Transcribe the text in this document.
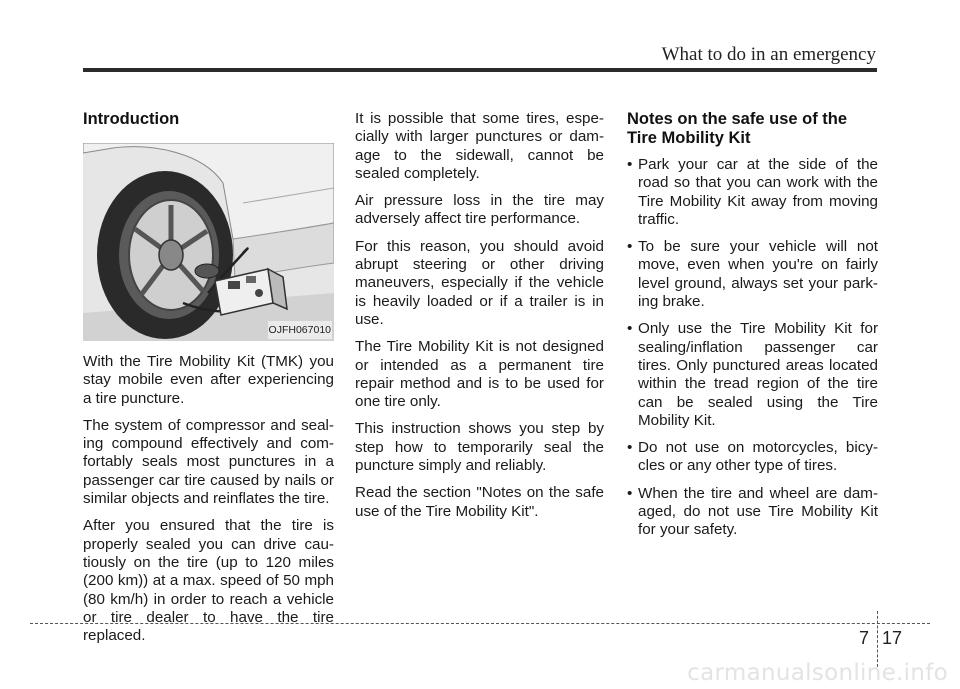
What to do in an emergency
Introduction
OJFH067010

With the Tire Mobility Kit (TMK) you stay mobile even after experiencing a tire puncture.

The system of compressor and seal-ing compound effectively and com-fortably seals most punctures in a passenger car tire caused by nails or similar objects and reinflates the tire.

After you ensured that the tire is properly sealed you can drive cau-tiously on the tire (up to 120 miles (200 km)) at a max. speed of 50 mph (80 km/h) in order to reach a vehicle or tire dealer to have the tire replaced.

It is possible that some tires, espe-cially with larger punctures or dam-age to the sidewall, cannot be sealed completely.

Air pressure loss in the tire may adversely affect tire performance.

For this reason, you should avoid abrupt steering or other driving maneuvers, especially if the vehicle is heavily loaded or if a trailer is in use.

The Tire Mobility Kit is not designed or intended as a permanent tire repair method and is to be used for one tire only.

This instruction shows you step by step how to temporarily seal the puncture simply and reliably.

Read the section "Notes on the safe use of the Tire Mobility Kit".

Notes on the safe use of the Tire Mobility Kit
• Park your car at the side of the road so that you can work with the Tire Mobility Kit away from moving traffic.
• To be sure your vehicle will not move, even when you're on fairly level ground, always set your park-ing brake.
• Only use the Tire Mobility Kit for sealing/inflation passenger car tires. Only punctured areas located within the tread region of the tire can be sealed using the Tire Mobility Kit.
• Do not use on motorcycles, bicy-cles or any other type of tires.
• When the tire and wheel are dam-aged, do not use Tire Mobility Kit for your safety.
7 17
carmanualsonline.info
